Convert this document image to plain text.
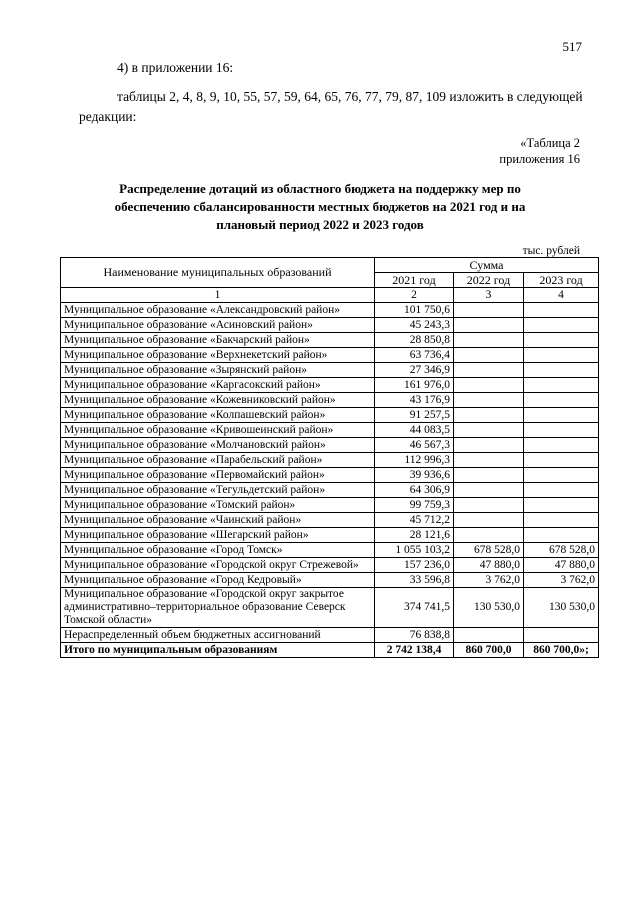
517
4) в приложении 16:
таблицы 2, 4, 8, 9, 10, 55, 57, 59, 64, 65, 76, 77, 79, 87, 109 изложить в следующей
редакции:
«Таблица 2
приложения 16
Распределение дотаций из областного бюджета на поддержку мер по
обеспечению сбалансированности местных бюджетов на 2021 год и на
плановый период 2022 и 2023 годов
тыс. рублей
Наименование муниципальных образований	Сумма		
	2021 год	2022 год	2023 год
1	2	3	4
Муниципальное образование «Александровский район»	101 750,6		
Муниципальное образование «Асиновский район»	45 243,3		
Муниципальное образование «Бакчарский район»	28 850,8		
Муниципальное образование «Верхнекетский район»	63 736,4		
Муниципальное образование «Зырянский район»	27 346,9		
Муниципальное образование «Каргасокский район»	161 976,0		
Муниципальное образование «Кожевниковский район»	43 176,9		
Муниципальное образование «Колпашевский район»	91 257,5		
Муниципальное образование «Кривошеинский район»	44 083,5		
Муниципальное образование «Молчановский район»	46 567,3		
Муниципальное образование «Парабельский район»	112 996,3		
Муниципальное образование «Первомайский район»	39 936,6		
Муниципальное образование «Тегульдетский район»	64 306,9		
Муниципальное образование «Томский район»	99 759,3		
Муниципальное образование «Чаинский район»	45 712,2		
Муниципальное образование «Шегарский район»	28 121,6		
Муниципальное образование «Город Томск»	1 055 103,2	678 528,0	678 528,0
Муниципальное образование «Городской округ Стрежевой»	157 236,0	47 880,0	47 880,0
Муниципальное образование «Город Кедровый»	33 596,8	3 762,0	3 762,0
Муниципальное образование «Городской округ закрытое административно–территориальное образование Северск Томской области»	374 741,5	130 530,0	130 530,0
Нераспределенный объем бюджетных ассигнований	76 838,8		
Итого по муниципальным образованиям	2 742 138,4	860 700,0	860 700,0»;
